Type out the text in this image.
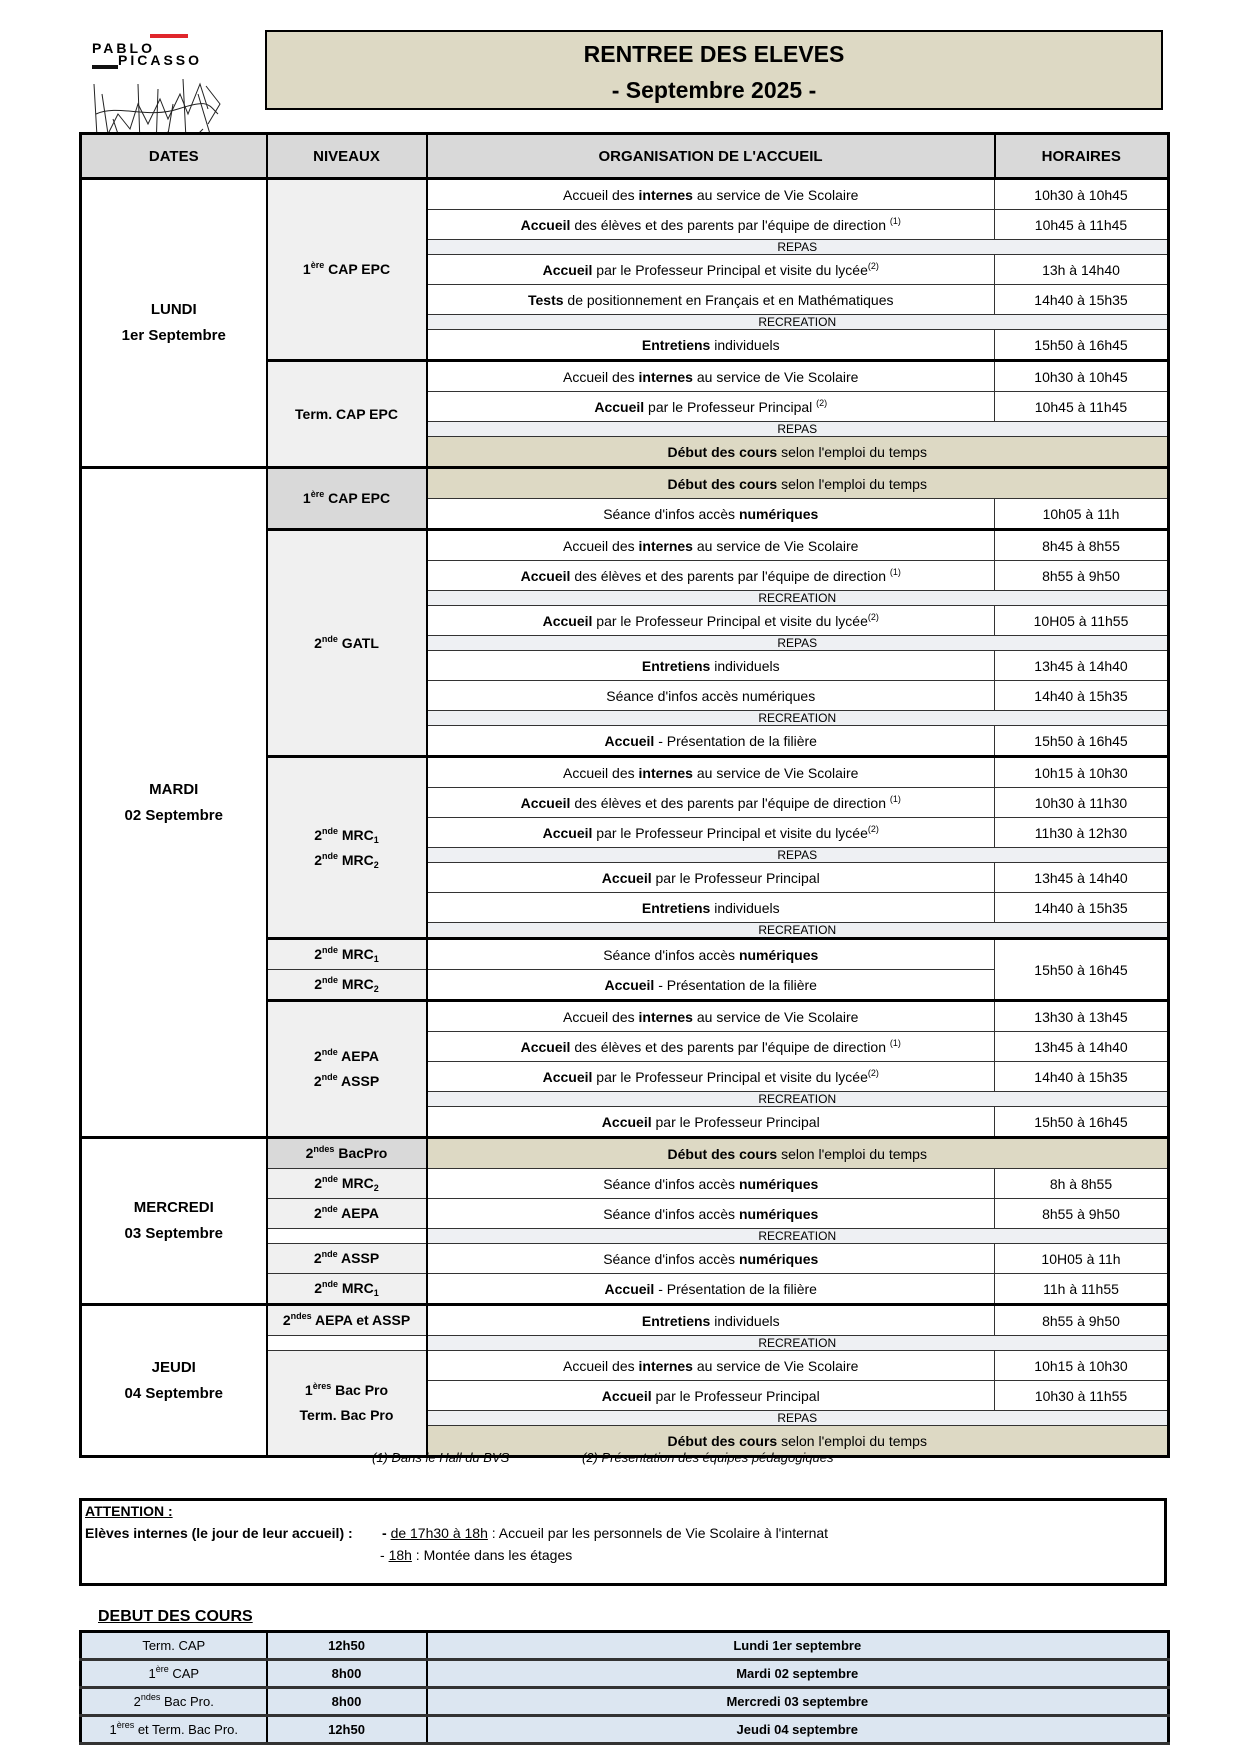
PABLO
PICASSO	RENTREE DES ELEVES
- Septembre 2025 -
DATES	NIVEAUX	ORGANISATION DE L'ACCUEIL	HORAIRES

LUNDI
1er Septembre	1ère CAP EPC	Accueil des internes au service de Vie Scolaire	10h30 à 10h45
		Accueil des élèves et des parents par l'équipe de direction $^{(1)}$	10h45 à 11h45
		REPAS	
		Accueil par le Professeur Principal et visite du lycée$^{(2)}$	13h à 14h40
		Tests de positionnement en Français et en Mathématiques	14h40 à 15h35
		RECREATION	
		Entretiens individuels	15h50 à 16h45

	Term. CAP EPC	Accueil des internes au service de Vie Scolaire	10h30 à 10h45
		Accueil par le Professeur Principal $^{(2)}$	10h45 à 11h45
		REPAS	
		Début des cours selon l'emploi du temps	

MARDI
02 Septembre	1ère CAP EPC	Début des cours selon l'emploi du temps	
		Séance d'infos accès numériques	10h05 à 11h

	2nde GATL	Accueil des internes au service de Vie Scolaire	8h45 à 8h55
		Accueil des élèves et des parents par l'équipe de direction $^{(1)}$	8h55 à 9h50
		RECREATION	
		Accueil par le Professeur Principal et visite du lycée$^{(2)}$	10H05 à 11h55
		REPAS	
		Entretiens individuels	13h45 à 14h40
		Séance d'infos accès numériques	14h40 à 15h35
		RECREATION	
		Accueil - Présentation de la filière	15h50 à 16h45

	2nde $MRC_1$
2nde $MRC_2$	Accueil des internes au service de Vie Scolaire	10h15 à 10h30
		Accueil des élèves et des parents par l'équipe de direction $^{(1)}$	10h30 à 11h30
		Accueil par le Professeur Principal et visite du lycée$^{(2)}$	11h30 à 12h30
		REPAS	
		Accueil par le Professeur Principal	13h45 à 14h40
		Entretiens individuels	14h40 à 15h35
		RECREATION	

	2nde $MRC_1$	Séance d'infos accès numériques	15h50 à 16h45

	2nde $MRC_2$	Accueil - Présentation de la filière	

	2nde AEPA
2nde ASSP	Accueil des internes au service de Vie Scolaire	13h30 à 13h45
		Accueil des élèves et des parents par l'équipe de direction $^{(1)}$	13h45 à 14h40
		Accueil par le Professeur Principal et visite du lycée$^{(2)}$	14h40 à 15h35
		RECREATION	
		Accueil par le Professeur Principal	15h50 à 16h45

MERCREDI
03 Septembre	$2^{ndes}$ BacPro	Début des cours selon l'emploi du temps	

	2nde $MRC_2$	Séance d'infos accès numériques	8h à 8h55

	2nde AEPA	Séance d'infos accès numériques	8h55 à 9h50
		RECREATION	

	2nde ASSP	Séance d'infos accès numériques	10H05 à 11h

	2nde $MRC_1$	Accueil - Présentation de la filière	11h à 11h55

JEUDI
04 Septembre	$2^{ndes}$ AEPA et ASSP	Entretiens individuels	8h55 à 9h50
		RECREATION	

	1ères Bac Pro
Term. Bac Pro	Accueil des internes au service de Vie Scolaire	10h15 à 10h30
		Accueil par le Professeur Principal	10h30 à 11h55
		REPAS	
		Début des cours selon l'emploi du temps	
(1) Dans le Hall du BVS	(2) Présentation des équipes pédagogiques
ATTENTION :
Elèves internes (le jour de leur accueil) : - de 17h30 à 18h : Accueil par les personnels de Vie Scolaire à l'internat
- 18h : Montée dans les étages
DEBUT DES COURS
Term. CAP	12h50	Lundi 1er septembre
1ère CAP	8h00	Mardi 02 septembre
$2^{ndes}$ Bac Pro.	8h00	Mercredi 03 septembre
1ères et Term. Bac Pro.	12h50	Jeudi 04 septembre
